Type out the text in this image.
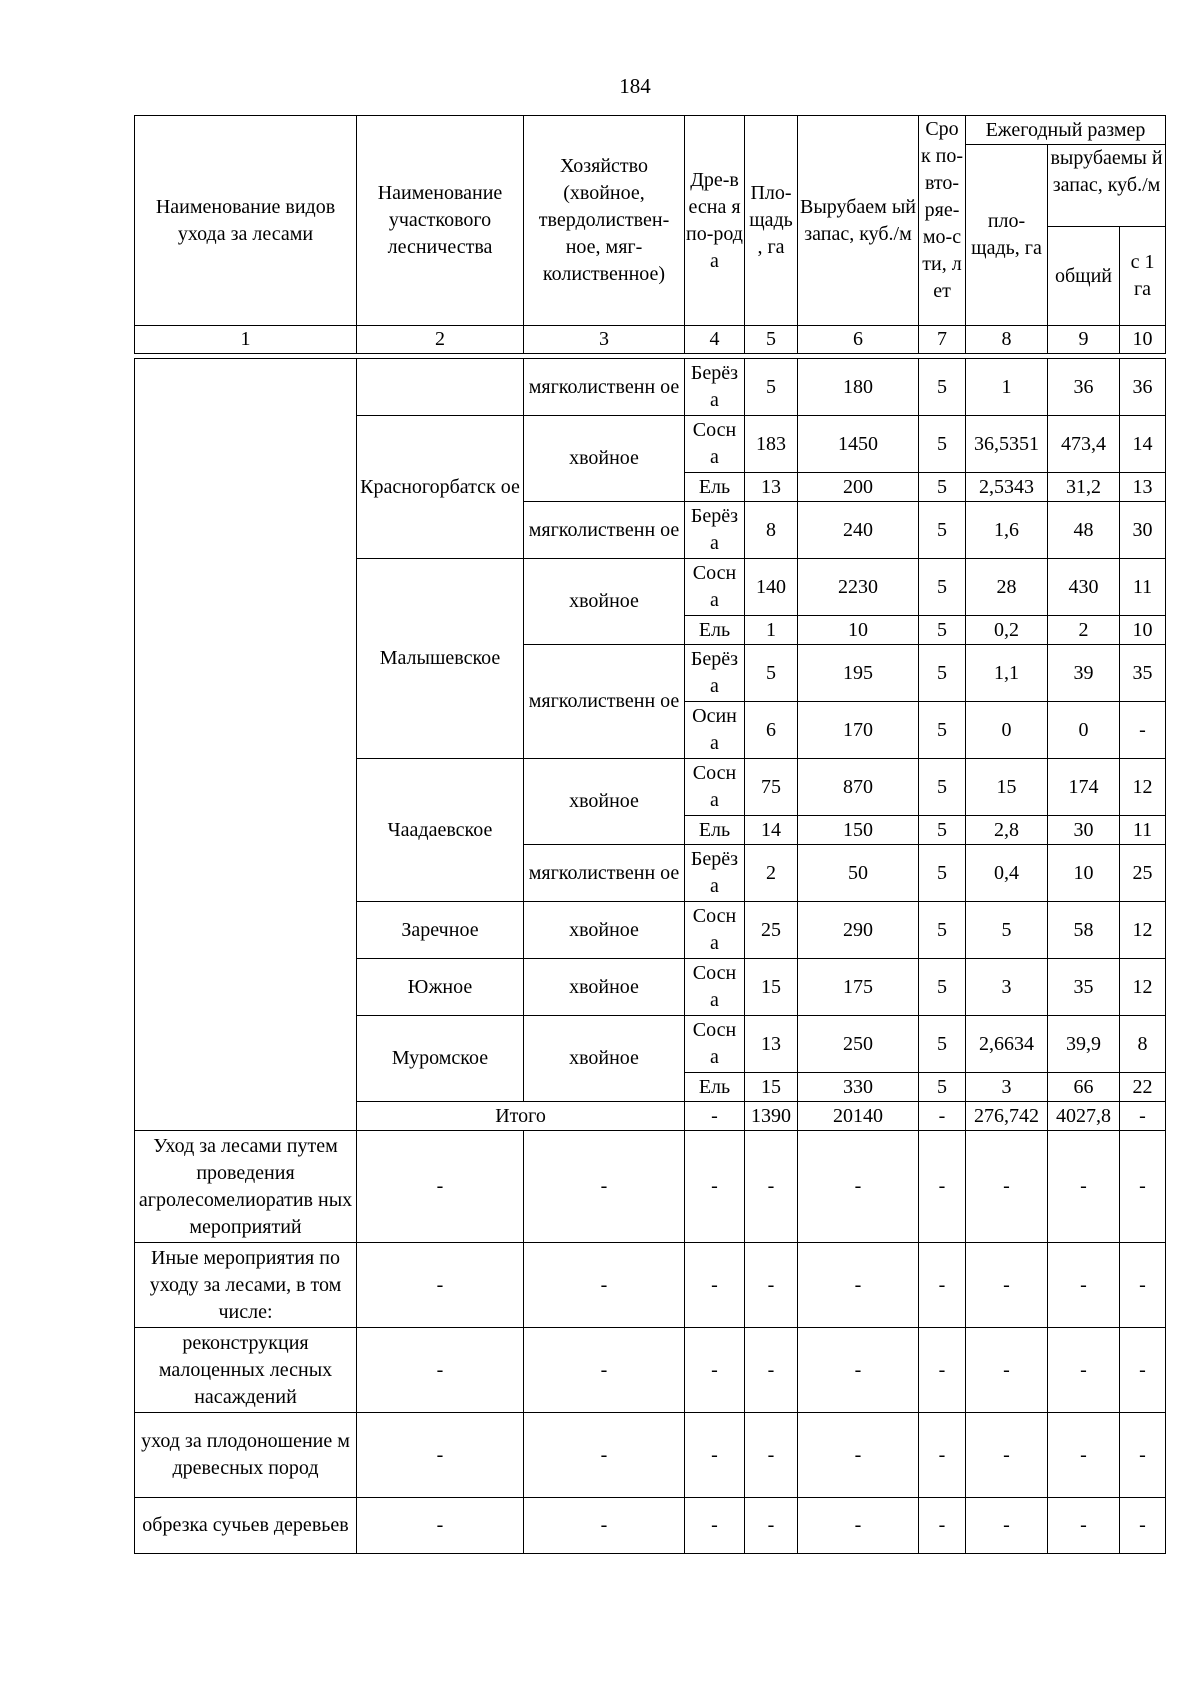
184
Наименование видов ухода за лесами	Наименование участкового лесничества	Хозяйство (хвойное, твердолиствен-ное, мяг-колиственное)	Дре-весна я по-рода	Пло-щадь , га	Вырубаем ый запас, куб./м	Сро к по-вто-ряе-мо-сти, лет	Ежегодный размер		
							пло-щадь, га	вырубаемы й запас, куб./м	
								общий	с 1 га

1	2	3	4	5	6	7	8	9	10

		мягколиственн ое	Берёз а	5	180	5	1	36	36
	Красногорбатск ое	хвойное	Сосн а	183	1450	5	36,5351	473,4	14
			Ель	13	200	5	2,5343	31,2	13
		мягколиственн ое	Берёз а	8	240	5	1,6	48	30
	Малышевское	хвойное	Сосн а	140	2230	5	28	430	11
			Ель	1	10	5	0,2	2	10
		мягколиственн ое	Берёз а	5	195	5	1,1	39	35
			Осин а	6	170	5	0	0	-
	Чаадаевское	хвойное	Сосн а	75	870	5	15	174	12
			Ель	14	150	5	2,8	30	11
		мягколиственн ое	Берёз а	2	50	5	0,4	10	25
	Заречное	хвойное	Сосн а	25	290	5	5	58	12
	Южное	хвойное	Сосн а	15	175	5	3	35	12
	Муромское	хвойное	Сосн а	13	250	5	2,6634	39,9	8
			Ель	15	330	5	3	66	22
	Итого		-	1390	20140	-	276,742	4027,8	-
Уход за лесами путем проведения агролесомелиоратив ных мероприятий	-	-	-	-	-	-	-	-	-
Иные мероприятия по уходу за лесами, в том числе:	-	-	-	-	-	-	-	-	-
реконструкция малоценных лесных насаждений	-	-	-	-	-	-	-	-	-
уход за плодоношение м древесных пород	-	-	-	-	-	-	-	-	-
обрезка сучьев деревьев	-	-	-	-	-	-	-	-	-
